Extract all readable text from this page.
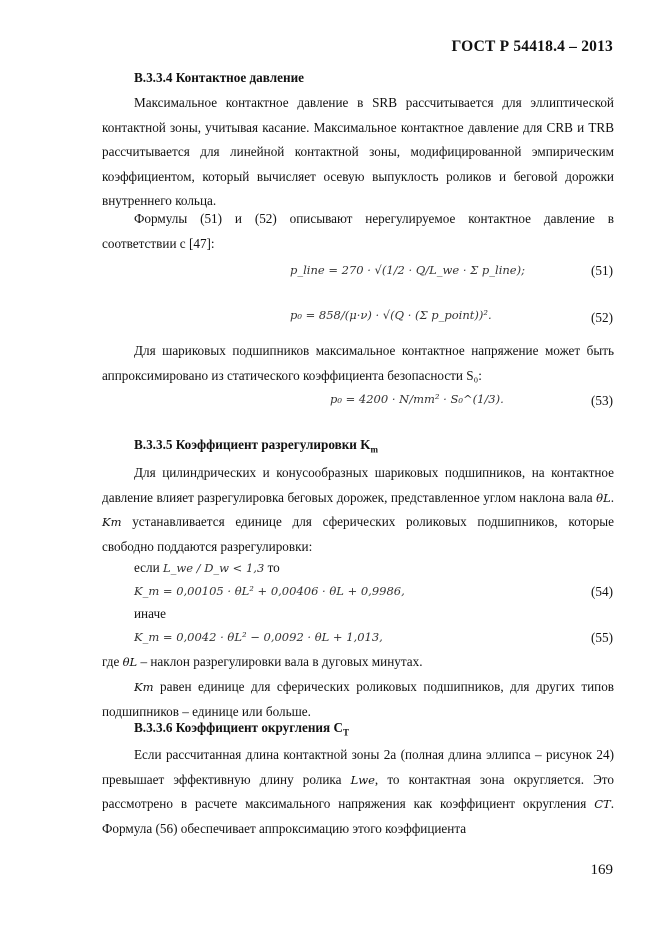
ГОСТ Р 54418.4 – 2013
В.3.3.4 Контактное давление
Максимальное контактное давление в SRB рассчитывается для эллиптической контактной зоны, учитывая касание. Максимальное контактное давление для CRB и TRB рассчитывается для линейной контактной зоны, модифицированной эмпирическим коэффициентом, который вычисляет осевую выпуклость роликов и беговой дорожки внутреннего кольца.
Формулы (51) и (52) описывают нерегулируемое контактное давление в соответствии с [47]:
p_line = 270 · √(1/2 · Q/L_we · Σ p_line);	(51)
p₀ = 858/(μ·ν) · √(Q · (Σ p_point))².	(52)
Для шариковых подшипников максимальное контактное напряжение может быть аппроксимировано из статического коэффициента безопасности S₀:
p₀ = 4200 · N/mm² · S₀^(1/3).	(53)
В.3.3.5 Коэффициент разрегулировки $K_m$
Для цилиндрических и конусообразных шариковых подшипников, на контактное давление влияет разрегулировка беговых дорожек, представленное углом наклона вала θL. Km устанавливается единице для сферических роликовых подшипников, которые свободно поддаются разрегулировки:
если L_we / D_w < 1,3 то
K_m = 0,00105 · θL² + 0,00406 · θL + 0,9986,	(54)
иначе
K_m = 0,0042 · θL² − 0,0092 · θL + 1,013,	(55)
где θL – наклон разрегулировки вала в дуговых минутах.
Km равен единице для сферических роликовых подшипников, для других типов подшипников – единице или больше.
В.3.3.6 Коэффициент округления $C_T$
Если рассчитанная длина контактной зоны 2a (полная длина эллипса – рисунок 24) превышает эффективную длину ролика Lwe, то контактная зона округляется. Это рассмотрено в расчете максимального напряжения как коэффициент округления CT. Формула (56) обеспечивает аппроксимацию этого коэффициента
169
